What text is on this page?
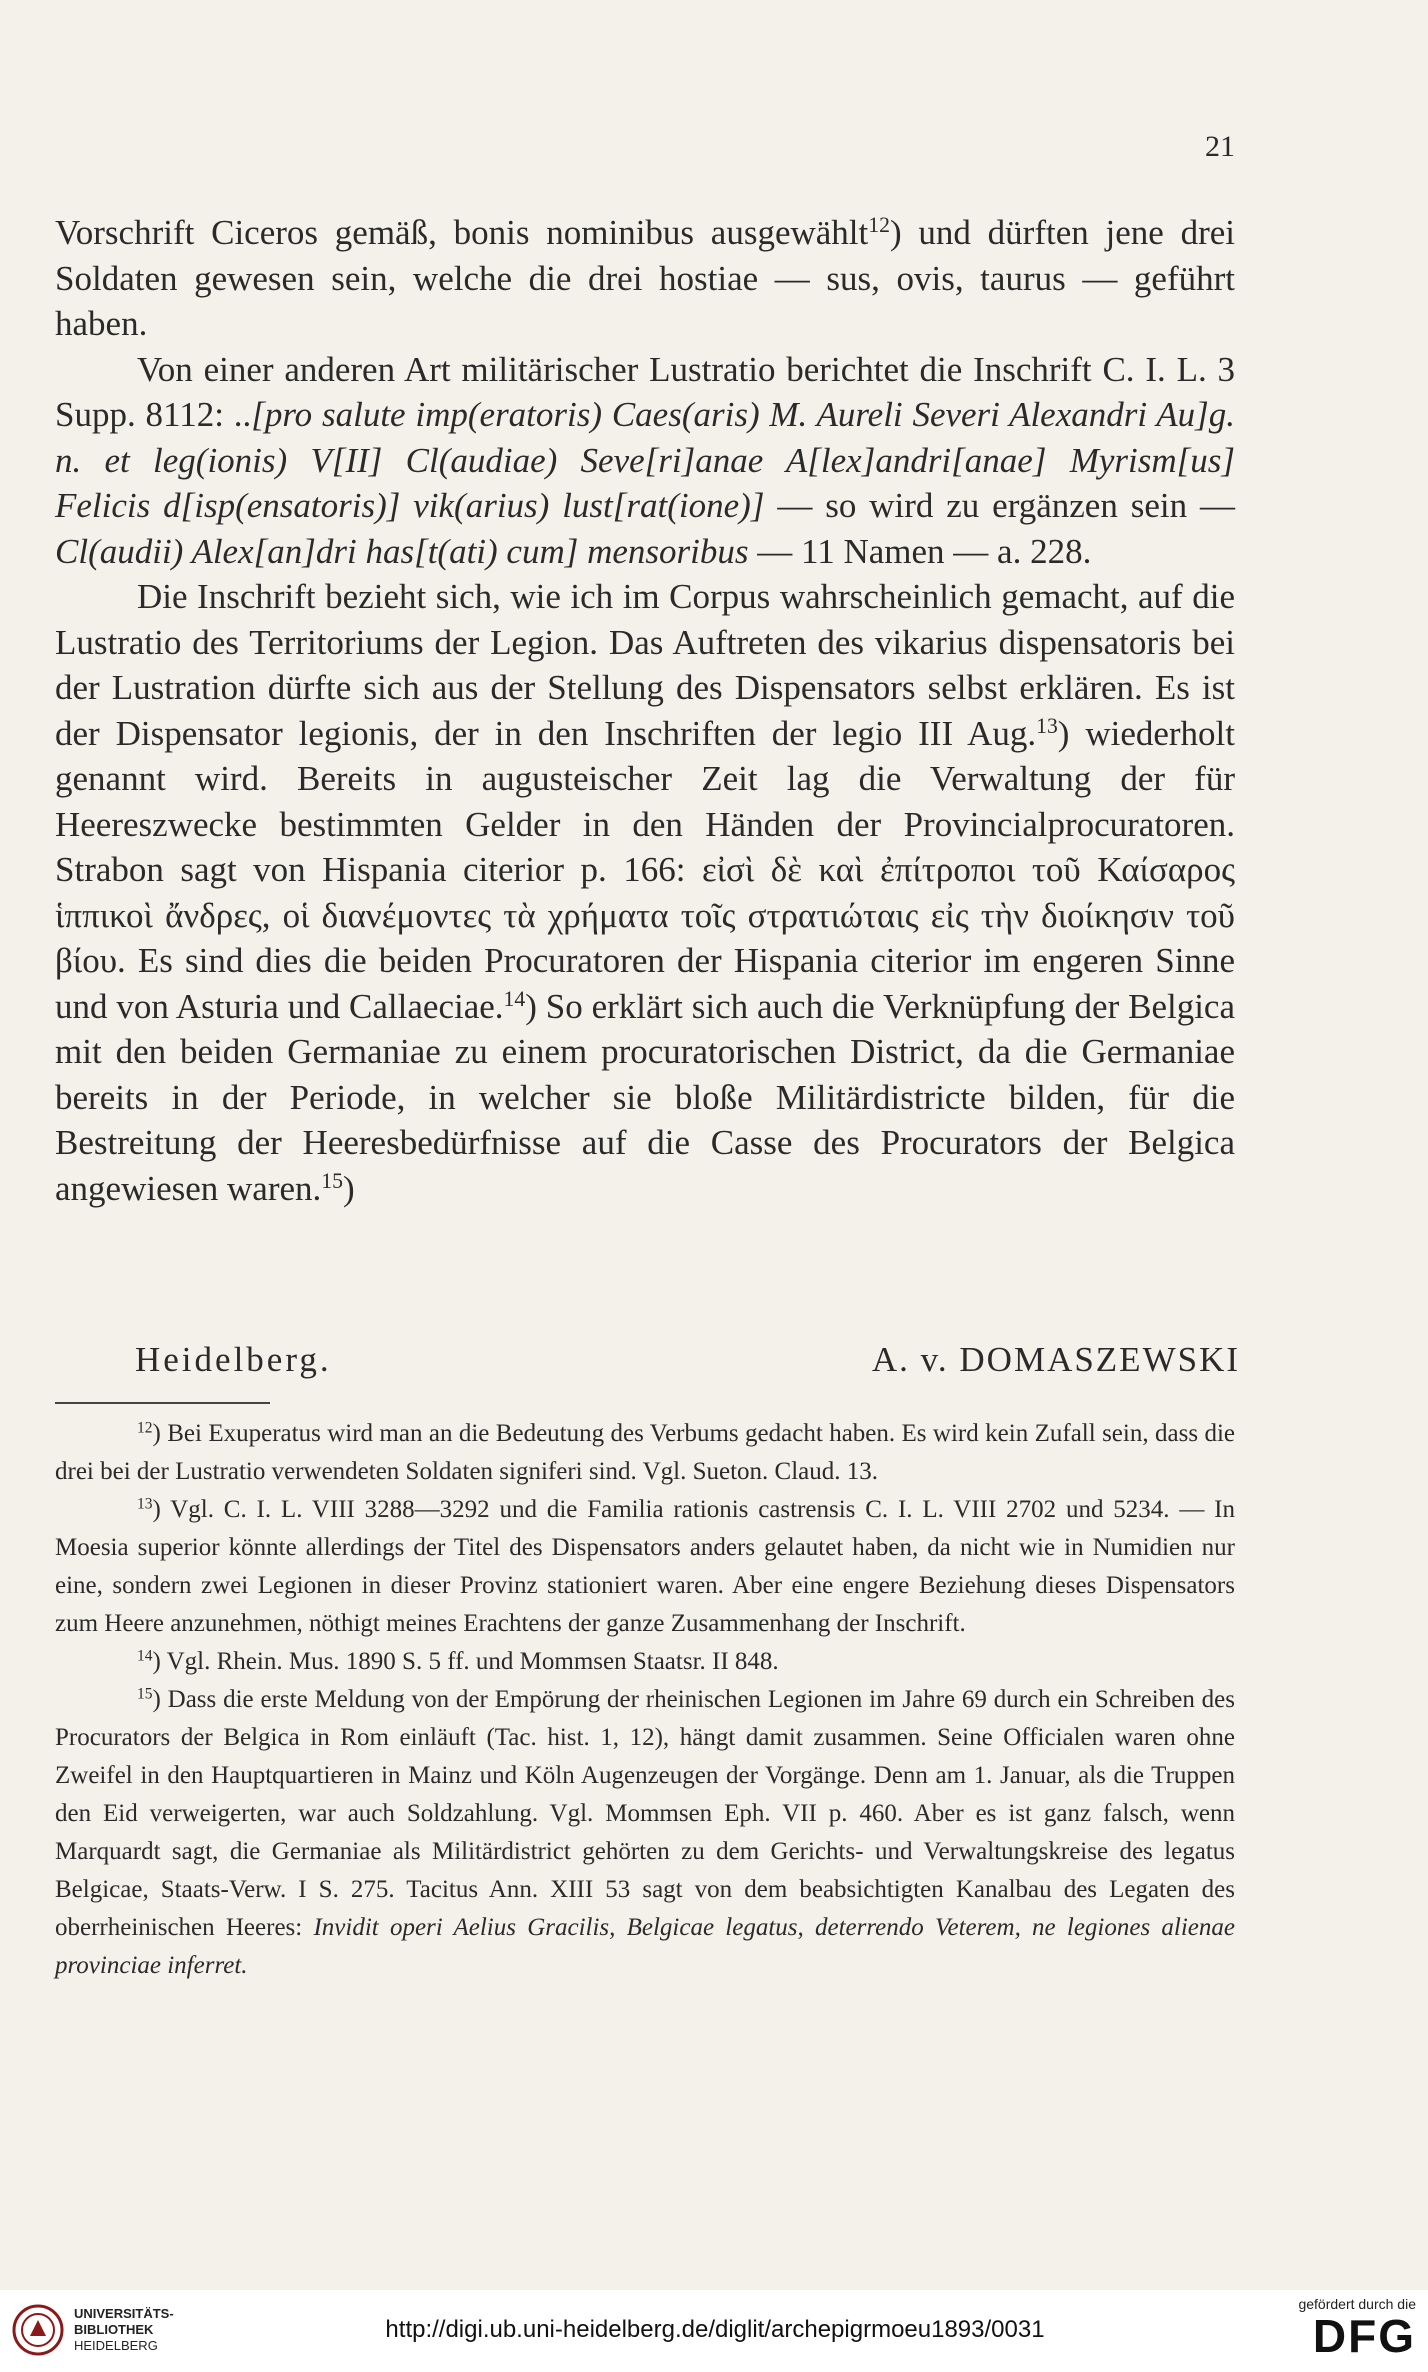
21

Vorschrift Ciceros gemäß, bonis nominibus ausgewählt$^{12}$) und dürften jene drei Soldaten gewesen sein, welche die drei hostiae — sus, ovis, taurus — geführt haben.

Von einer anderen Art militärischer Lustratio berichtet die Inschrift C. I. L. 3 Supp. 8112: ..[pro salute imp(eratoris) Caes(aris) M. Aureli Severi Alexandri Au]g. n. et leg(ionis) V[II] Cl(audiae) Seve[ri]anae A[lex]andri[anae] Myrism[us] Felicis d[isp(ensatoris)] vik(arius) lust[rat(ione)] — so wird zu ergänzen sein — Cl(audii) Alex[an]dri has[t(ati) cum] mensoribus — 11 Namen — a. 228.

Die Inschrift bezieht sich, wie ich im Corpus wahrscheinlich gemacht, auf die Lustratio des Territoriums der Legion. Das Auftreten des vikarius dispensatoris bei der Lustration dürfte sich aus der Stellung des Dispensators selbst erklären. Es ist der Dispensator legionis, der in den Inschriften der legio III Aug.$^{13}$) wiederholt genannt wird. Bereits in augusteischer Zeit lag die Verwaltung der für Heereszwecke bestimmten Gelder in den Händen der Provincialprocuratoren. Strabon sagt von Hispania citerior p. 166: εἰσὶ δὲ καὶ ἐπίτροποι τοῦ Καίσαρος ἱππικοὶ ἄνδρες, οἱ διανέμοντες τὰ χρήματα τοῖς στρατιώταις εἰς τὴν διοίκησιν τοῦ βίου. Es sind dies die beiden Procuratoren der Hispania citerior im engeren Sinne und von Asturia und Callaeciae.$^{14}$) So erklärt sich auch die Verknüpfung der Belgica mit den beiden Germaniae zu einem procuratorischen District, da die Germaniae bereits in der Periode, in welcher sie bloße Militärdistricte bilden, für die Bestreitung der Heeresbedürfnisse auf die Casse des Procurators der Belgica angewiesen waren.$^{15}$)

Heidelberg.	A. v. DOMASZEWSKI

$^{12}$) Bei Exuperatus wird man an die Bedeutung des Verbums gedacht haben. Es wird kein Zufall sein, dass die drei bei der Lustratio verwendeten Soldaten signiferi sind. Vgl. Sueton. Claud. 13.

$^{13}$) Vgl. C. I. L. VIII 3288—3292 und die Familia rationis castrensis C. I. L. VIII 2702 und 5234. — In Moesia superior könnte allerdings der Titel des Dispensators anders gelautet haben, da nicht wie in Numidien nur eine, sondern zwei Legionen in dieser Provinz stationiert waren. Aber eine engere Beziehung dieses Dispensators zum Heere anzunehmen, nöthigt meines Erachtens der ganze Zusammenhang der Inschrift.

$^{14}$) Vgl. Rhein. Mus. 1890 S. 5 ff. und Mommsen Staatsr. II 848.

$^{15}$) Dass die erste Meldung von der Empörung der rheinischen Legionen im Jahre 69 durch ein Schreiben des Procurators der Belgica in Rom einläuft (Tac. hist. 1, 12), hängt damit zusammen. Seine Officialen waren ohne Zweifel in den Hauptquartieren in Mainz und Köln Augenzeugen der Vorgänge. Denn am 1. Januar, als die Truppen den Eid verweigerten, war auch Soldzahlung. Vgl. Mommsen Eph. VII p. 460. Aber es ist ganz falsch, wenn Marquardt sagt, die Germaniae als Militärdistrict gehörten zu dem Gerichts- und Verwaltungskreise des legatus Belgicae, Staats-Verw. I S. 275. Tacitus Ann. XIII 53 sagt von dem beabsichtigten Kanalbau des Legaten des oberrheinischen Heeres: Invidit operi Aelius Gracilis, Belgicae legatus, deterrendo Veterem, ne legiones alienae provinciae inferret.

UNIVERSITÄTS-
BIBLIOTHEK
HEIDELBERG
http://digi.ub.uni-heidelberg.de/diglit/archepigrmoeu1893/0031
gefördert durch die
DFG
